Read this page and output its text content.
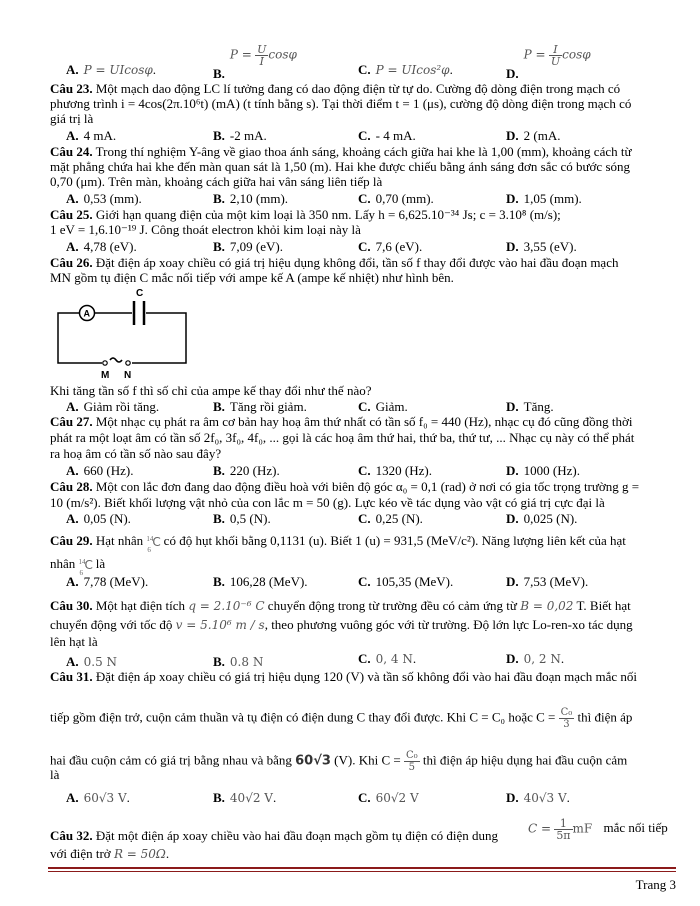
A. P = UIcosφ.	$B.P = \frac{U}{I}$ cosφ
C. P = UIcos²φ.	$D.P = \frac{I}{U}$ cosφ
Câu 23. Một mạch dao động LC lí tưởng đang có dao động điện từ tự do. Cường độ dòng điện trong mạch có
phương trình i = 4cos(2π.10⁶t) (mA) (t tính bằng s). Tại thời điểm t = 1 (μs), cường độ dòng điện trong mạch có
giá trị là
A. 4 mA.	B. -2 mA.	C. - 4 mA.	D. 2 (mA.
Câu 24. Trong thí nghiệm Y-âng về giao thoa ánh sáng, khoảng cách giữa hai khe là 1,00 (mm), khoảng cách từ
mặt phẳng chứa hai khe đến màn quan sát là 1,50 (m). Hai khe được chiếu bằng ánh sáng đơn sắc có bước sóng
0,70 (μm). Trên màn, khoảng cách giữa hai vân sáng liên tiếp là
A. 0,53 (mm).	B. 2,10 (mm).	C. 0,70 (mm).	D. 1,05 (mm).
Câu 25. Giới hạn quang điện của một kim loại là 350 nm. Lấy h = 6,625.10⁻³⁴ Js; c = 3.10⁸ (m/s);
1 eV = 1,6.10⁻¹⁹ J. Công thoát electron khỏi kim loại này là
A. 4,78 (eV).	B. 7,09 (eV).	C. 7,6 (eV).	D. 3,55 (eV).
Câu 26. Đặt điện áp xoay chiều có giá trị hiệu dụng không đổi, tần số f thay đổi được vào hai đầu đoạn mạch
MN gồm tụ điện C mắc nối tiếp với ampe kế A (ampe kế nhiệt) như hình bên.
C
A
M N
Khi tăng tần số f thì số chỉ của ampe kế thay đổi như thế nào?
A. Giảm rồi tăng.	B. Tăng rồi giảm.	C. Giảm.	D. Tăng.
Câu 27. Một nhạc cụ phát ra âm cơ bản hay hoạ âm thứ nhất có tần số f₀ = 440 (Hz), nhạc cụ đó cũng đồng thời
phát ra một loạt âm có tần số 2f₀, 3f₀, 4f₀, ... gọi là các hoạ âm thứ hai, thứ ba, thứ tư, ... Nhạc cụ này có thể phát
ra hoạ âm có tần số nào sau đây?
A. 660 (Hz).	B. 220 (Hz).	C. 1320 (Hz).	D. 1000 (Hz).
Câu 28. Một con lắc đơn đang dao động điều hoà với biên độ góc α₀ = 0,1 (rad) ở nơi có gia tốc trọng trường g =
10 (m/s²). Biết khối lượng vật nhỏ của con lắc m = 50 (g). Lực kéo về tác dụng vào vật có giá trị cực đại là
A. 0,05 (N).	B. 0,5 (N).	C. 0,25 (N).	D. 0,025 (N).
Câu 29. Hạt nhân 14
6
C có độ hụt khối bằng 0,1131 (u). Biết 1 (u) = 931,5 (MeV/c²). Năng lượng liên kết của hạt
nhân 14
6
C là
A. 7,78 (MeV).	B. 106,28 (MeV).	C. 105,35 (MeV).	D. 7,53 (MeV).
Câu 30. Một hạt điện tích q = 2.10⁻⁶ C chuyển động trong từ trường đều có cảm ứng từ B = 0,02 T. Biết hạt
chuyển động với tốc độ v = 5.10⁶ m / s, theo phương vuông góc với từ trường. Độ lớn lực Lo-ren-xo tác dụng
lên hạt là
A. 0.5 N	B. 0.8 N	C. 0, 4 N.	D. 0, 2 N.
Câu 31. Đặt điện áp xoay chiều có giá trị hiệu dụng 120 (V) và tần số không đổi vào hai đầu đoạn mạch mắc nối
tiếp gồm điện trở, cuộn cảm thuần và tụ điện có điện dung C thay đổi được. Khi C = C₀ hoặc $C = \frac{\text{C₀}}{3}$ thì điện áp
hai đầu cuộn cảm có giá trị bằng nhau và bằng 60√3 (V). Khi $C = \frac{\text{C₀}}{5}$ thì điện áp hiệu dụng hai đầu cuộn cảm
là
A. 60√3 V.	B. 40√2 V.	C. 60√2 V	D. 40√3 V.
Câu 32. Đặt một điện áp xoay chiều vào hai đầu đoạn mạch gồm tụ điện có điện dung $C = \frac{1}{5\pi}$ mF mắc nối tiếp
với điện trở R = 50Ω.
Trang 3
